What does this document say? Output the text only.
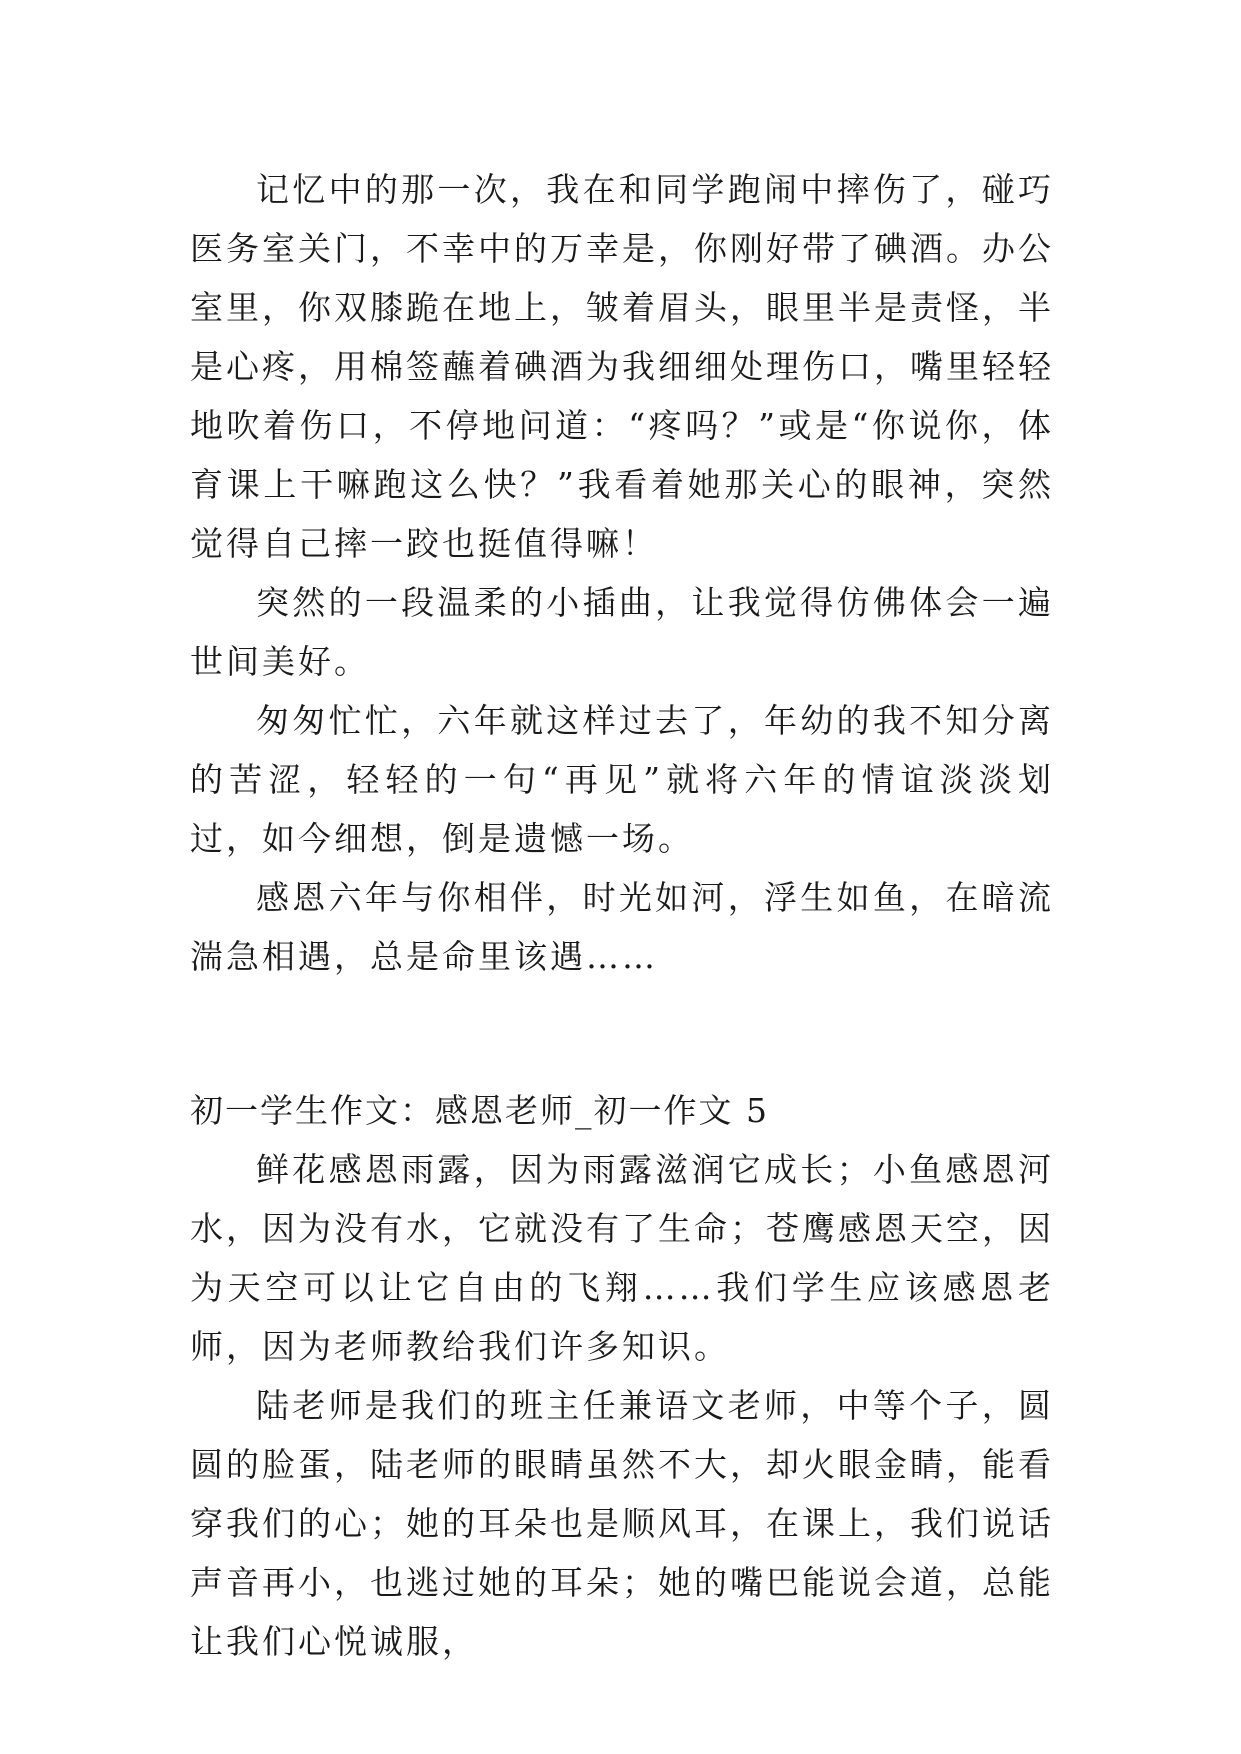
记忆中的那一次，我在和同学跑闹中摔伤了，碰巧医务室关门，不幸中的万幸是，你刚好带了碘酒。办公室里，你双膝跪在地上，皱着眉头，眼里半是责怪，半是心疼，用棉签蘸着碘酒为我细细处理伤口，嘴里轻轻地吹着伤口，不停地问道：“疼吗？”或是“你说你，体育课上干嘛跑这么快？”我看着她那关心的眼神，突然觉得自己摔一跤也挺值得嘛！

突然的一段温柔的小插曲，让我觉得仿佛体会一遍世间美好。

匆匆忙忙，六年就这样过去了，年幼的我不知分离的苦涩，轻轻的一句“再见”就将六年的情谊淡淡划过，如今细想，倒是遗憾一场。

感恩六年与你相伴，时光如河，浮生如鱼，在暗流湍急相遇，总是命里该遇……

初一学生作文：感恩老师_初一作文 5

鲜花感恩雨露，因为雨露滋润它成长；小鱼感恩河水，因为没有水，它就没有了生命；苍鹰感恩天空，因为天空可以让它自由的飞翔……我们学生应该感恩老师，因为老师教给我们许多知识。

陆老师是我们的班主任兼语文老师，中等个子，圆圆的脸蛋，陆老师的眼睛虽然不大，却火眼金睛，能看穿我们的心；她的耳朵也是顺风耳，在课上，我们说话声音再小，也逃过她的耳朵；她的嘴巴能说会道，总能让我们心悦诚服，
